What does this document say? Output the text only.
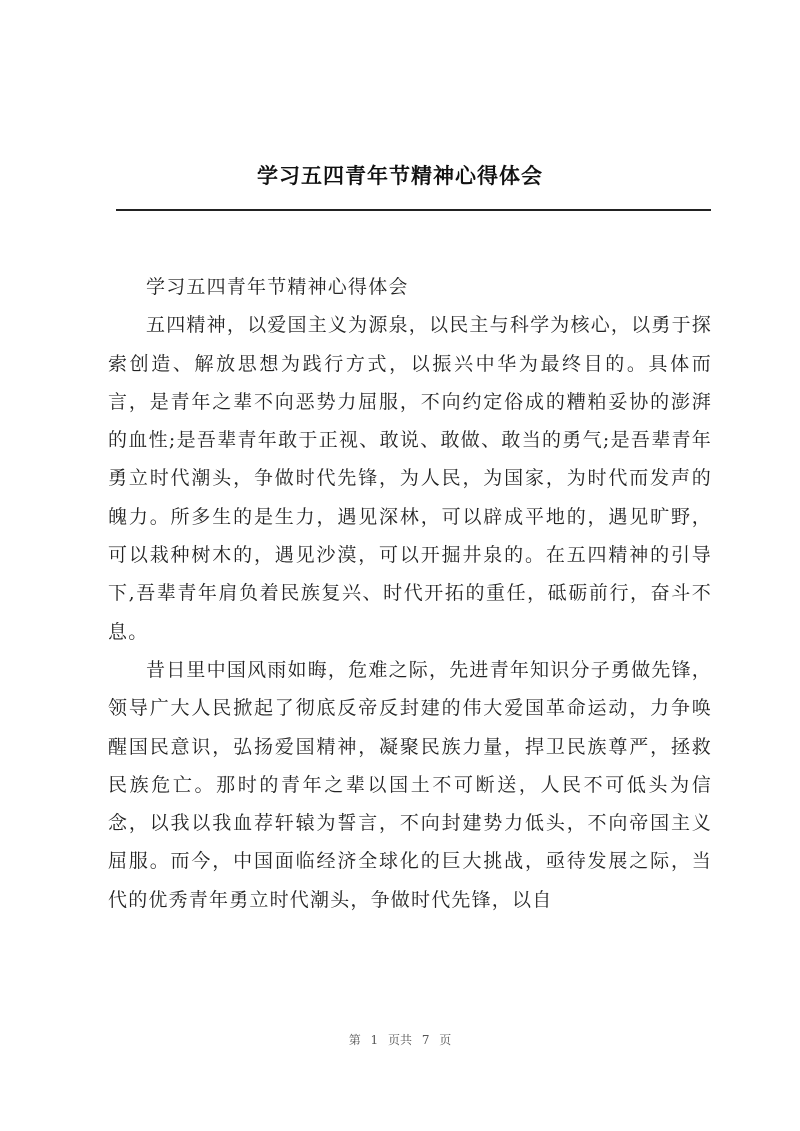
学习五四青年节精神心得体会

学习五四青年节精神心得体会

五四精神，以爱国主义为源泉，以民主与科学为核心，以勇于探索创造、解放思想为践行方式，以振兴中华为最终目的。具体而言，是青年之辈不向恶势力屈服，不向约定俗成的糟粕妥协的澎湃的血性;是吾辈青年敢于正视、敢说、敢做、敢当的勇气;是吾辈青年勇立时代潮头，争做时代先锋，为人民，为国家，为时代而发声的魄力。所多生的是生力，遇见深林，可以辟成平地的，遇见旷野，可以栽种树木的，遇见沙漠，可以开掘井泉的。在五四精神的引导下,吾辈青年肩负着民族复兴、时代开拓的重任，砥砺前行，奋斗不息。

昔日里中国风雨如晦，危难之际，先进青年知识分子勇做先锋，领导广大人民掀起了彻底反帝反封建的伟大爱国革命运动，力争唤醒国民意识，弘扬爱国精神，凝聚民族力量，捍卫民族尊严，拯救民族危亡。那时的青年之辈以国土不可断送，人民不可低头为信念，以我以我血荐轩辕为誓言，不向封建势力低头，不向帝国主义屈服。而今，中国面临经济全球化的巨大挑战，亟待发展之际，当代的优秀青年勇立时代潮头，争做时代先锋，以自

第 1 页共 7 页
